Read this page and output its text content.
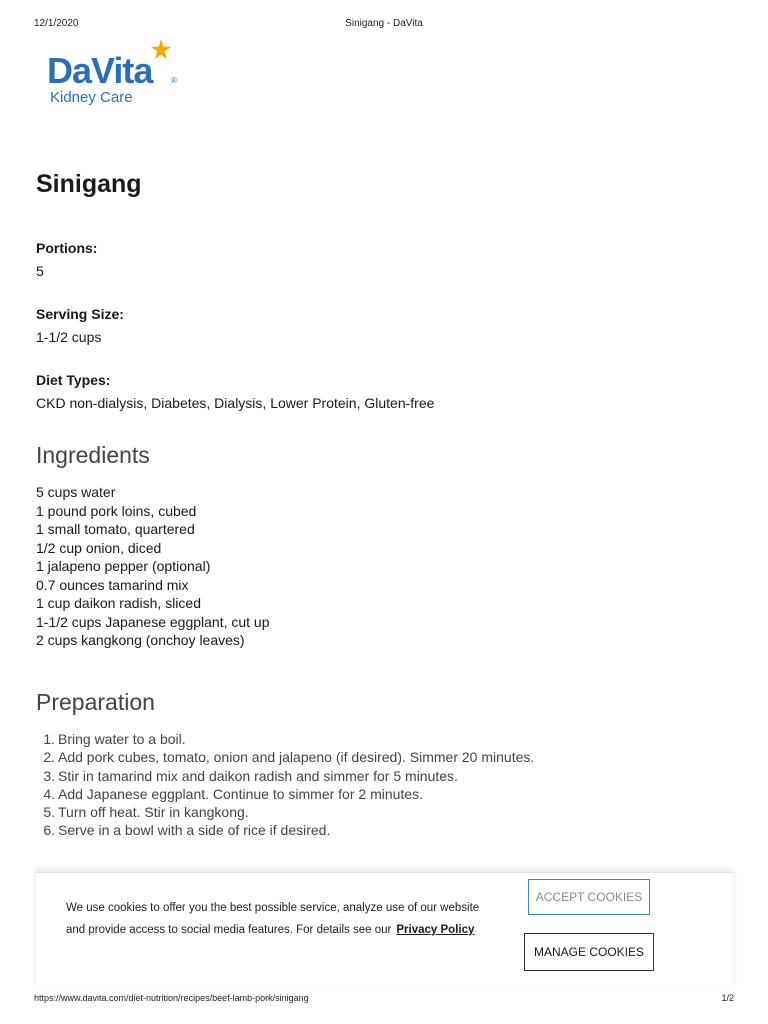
12/1/2020	Sinigang - DaVita
DaVita ®
Kidney Care
Sinigang
Portions:
5
Serving Size:
1-1/2 cups
Diet Types:
CKD non-dialysis, Diabetes, Dialysis, Lower Protein, Gluten-free
Ingredients
5 cups water
1 pound pork loins, cubed
1 small tomato, quartered
1/2 cup onion, diced
1 jalapeno pepper (optional)
0.7 ounces tamarind mix
1 cup daikon radish, sliced
1-1/2 cups Japanese eggplant, cut up
2 cups kangkong (onchoy leaves)
Preparation
1. Bring water to a boil.
2. Add pork cubes, tomato, onion and jalapeno (if desired). Simmer 20 minutes.
3. Stir in tamarind mix and daikon radish and simmer for 5 minutes.
4. Add Japanese eggplant. Continue to simmer for 2 minutes.
5. Turn off heat. Stir in kangkong.
6. Serve in a bowl with a side of rice if desired.
We use cookies to offer you the best possible service, analyze use of our website
and provide access to social media features. For details see our Privacy Policy
ACCEPT COOKIES
MANAGE COOKIES
https://www.davita.com/diet-nutrition/recipes/beef-lamb-pork/sinigang	1/2
